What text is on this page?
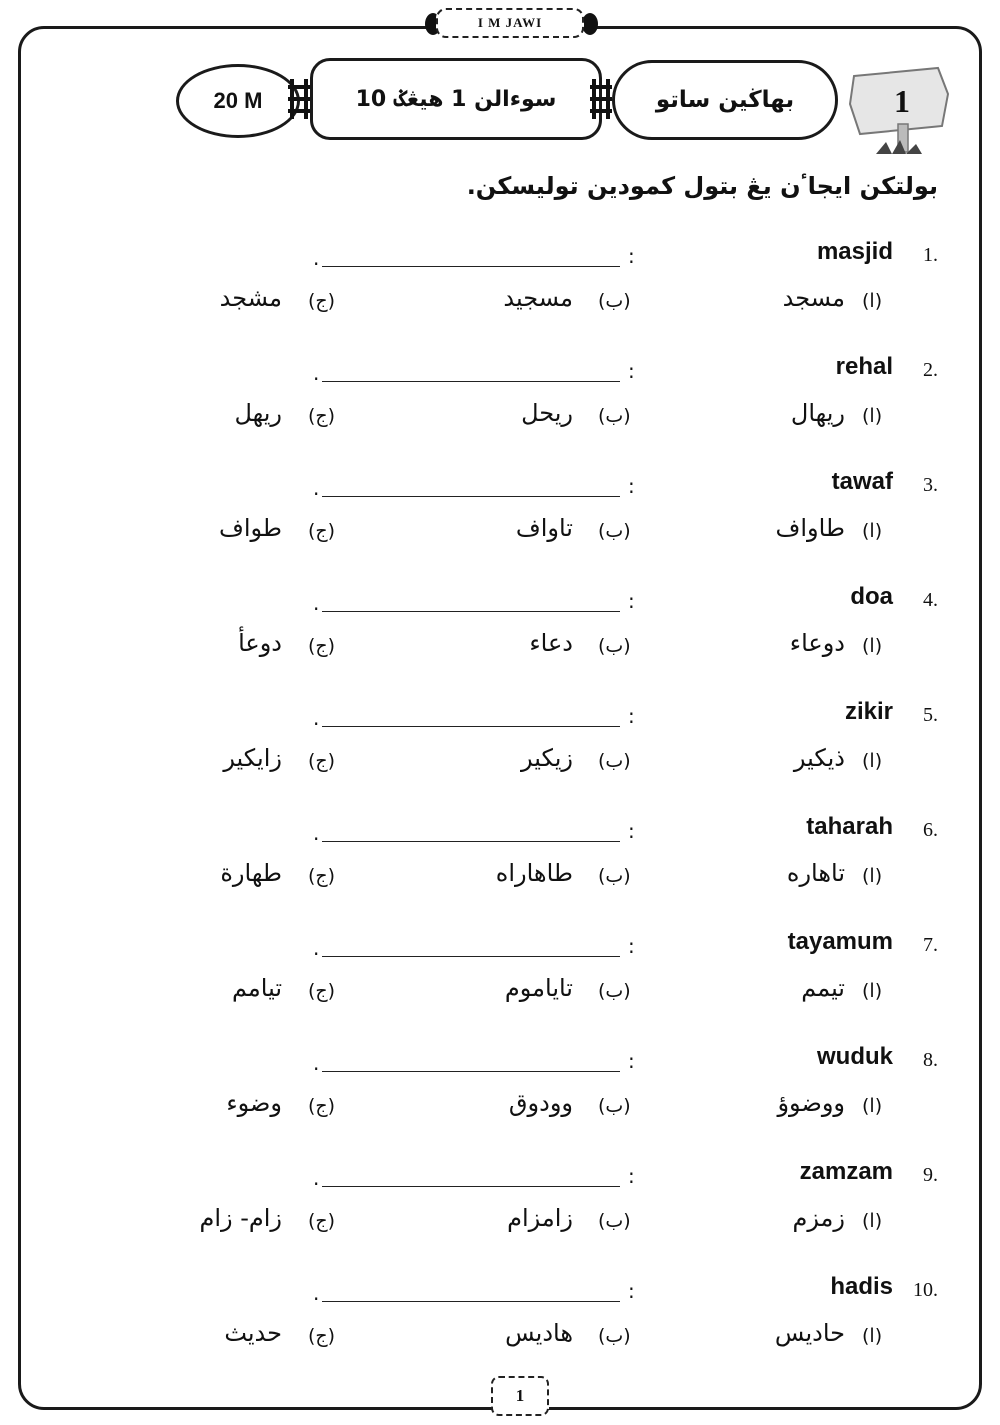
I M JAWI
20 M	سوءالن 1 هيڠݢ 10	بهاڬين ساتو	1
بولتکن ايجاٴن يڠ بتول کمودين توليسکن.
1.
masjid
:
.
(ا)
مسجد
(ب)
مسجيد
(ج)
مشجد
2.
rehal
:
.
(ا)
ريهال
(ب)
ريحل
(ج)
ريهل
3.
tawaf
:
.
(ا)
طاواف
(ب)
تاواف
(ج)
طواف
4.
doa
:
.
(ا)
دوعاء
(ب)
دعاء
(ج)
دوعأ
5.
zikir
:
.
(ا)
ذيکير
(ب)
زيکير
(ج)
زايکير
6.
taharah
:
.
(ا)
تاهاره
(ب)
طاهاراه
(ج)
طهارة
7.
tayamum
:
.
(ا)
تيمم
(ب)
تاياموم
(ج)
تيامم
8.
wuduk
:
.
(ا)
ووضوؤ
(ب)
وودوق
(ج)
وضوء
9.
zamzam
:
.
(ا)
زمزم
(ب)
زامزام
(ج)
زام- زام
10.
hadis
:
.
(ا)
حاديس
(ب)
هاديس
(ج)
حديث
1
